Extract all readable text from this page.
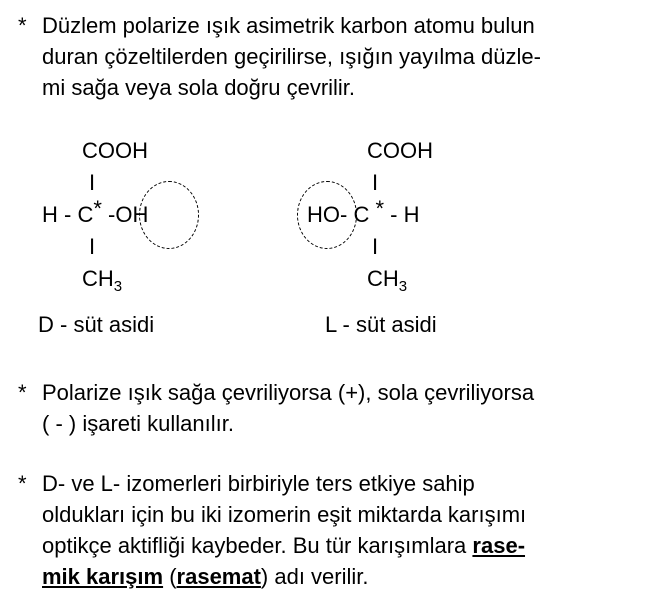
* Düzlem polarize ışık asimetrik karbon atomu bulun
duran çözeltilerden geçirilirse, ışığın yayılma düzle-
mi sağa veya sola doğru çevrilir.
COOH
I
H - C* -OH
I
$CH_3$
D - süt asidi
COOH
I
HO- C * - H
I
$CH_3$
L - süt asidi
* Polarize ışık sağa çevriliyorsa (+), sola çevriliyorsa
( - ) işareti kullanılır.
* D- ve L- izomerleri birbiriyle ters etkiye sahip
oldukları için bu iki izomerin eşit miktarda karışımı
optikçe aktifliği kaybeder. Bu tür karışımlara rase-
mik karışım (rasemat) adı verilir.
